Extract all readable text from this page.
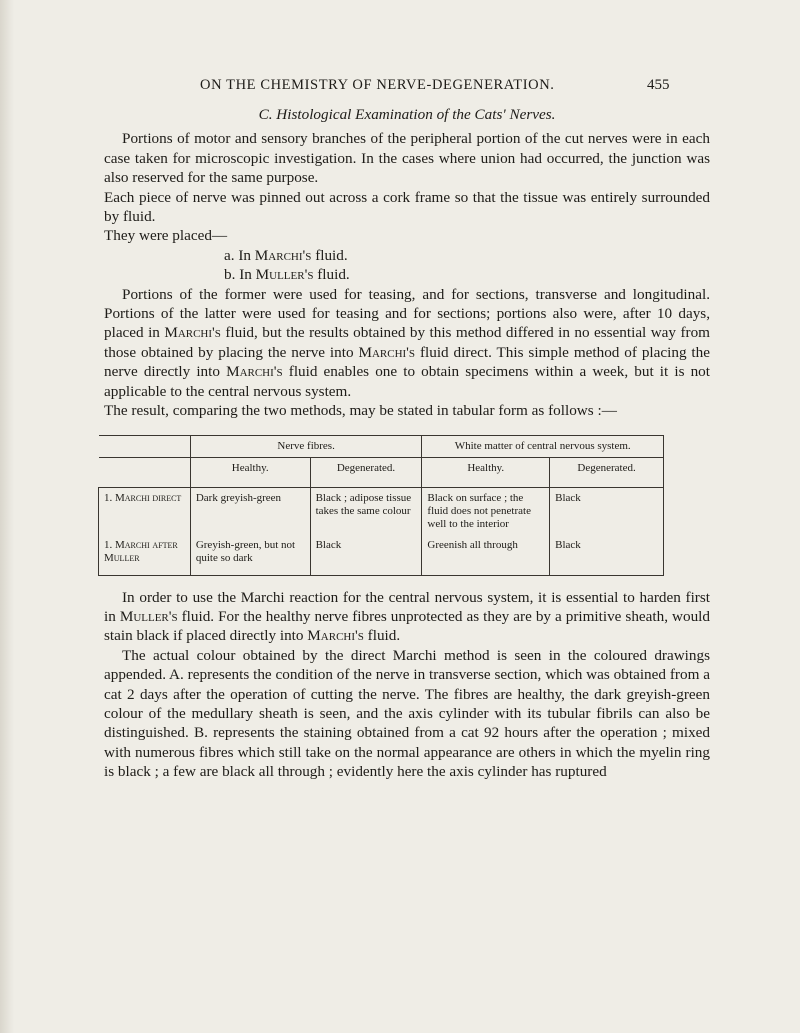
ON THE CHEMISTRY OF NERVE-DEGENERATION.	455
C. Histological Examination of the Cats' Nerves.

Portions of motor and sensory branches of the peripheral portion of the cut nerves were in each case taken for microscopic investigation. In the cases where union had occurred, the junction was also reserved for the same purpose.

Each piece of nerve was pinned out across a cork frame so that the tissue was entirely surrounded by fluid.

They were placed—

a. In Marchi's fluid.
b. In Muller's fluid.

Portions of the former were used for teasing, and for sections, transverse and longitudinal. Portions of the latter were used for teasing and for sections; portions also were, after 10 days, placed in Marchi's fluid, but the results obtained by this method differed in no essential way from those obtained by placing the nerve into Marchi's fluid direct. This simple method of placing the nerve directly into Marchi's fluid enables one to obtain specimens within a week, but it is not applicable to the central nervous system.

The result, comparing the two methods, may be stated in tabular form as follows :—

	Nerve fibres.		White matter of central nervous system.	
	Healthy.	Degenerated.	Healthy.	Degenerated.
1. Marchi direct	Dark greyish-green	Black ; adipose tissue takes the same colour	Black on surface ; the fluid does not penetrate well to the interior	Black
1. Marchi after Muller	Greyish-green, but not quite so dark	Black	Greenish all through	Black

In order to use the Marchi reaction for the central nervous system, it is essential to harden first in Muller's fluid. For the healthy nerve fibres unprotected as they are by a primitive sheath, would stain black if placed directly into Marchi's fluid.

The actual colour obtained by the direct Marchi method is seen in the coloured drawings appended. A. represents the condition of the nerve in transverse section, which was obtained from a cat 2 days after the operation of cutting the nerve. The fibres are healthy, the dark greyish-green colour of the medullary sheath is seen, and the axis cylinder with its tubular fibrils can also be distinguished. B. represents the staining obtained from a cat 92 hours after the operation ; mixed with numerous fibres which still take on the normal appearance are others in which the myelin ring is black ; a few are black all through ; evidently here the axis cylinder has ruptured
